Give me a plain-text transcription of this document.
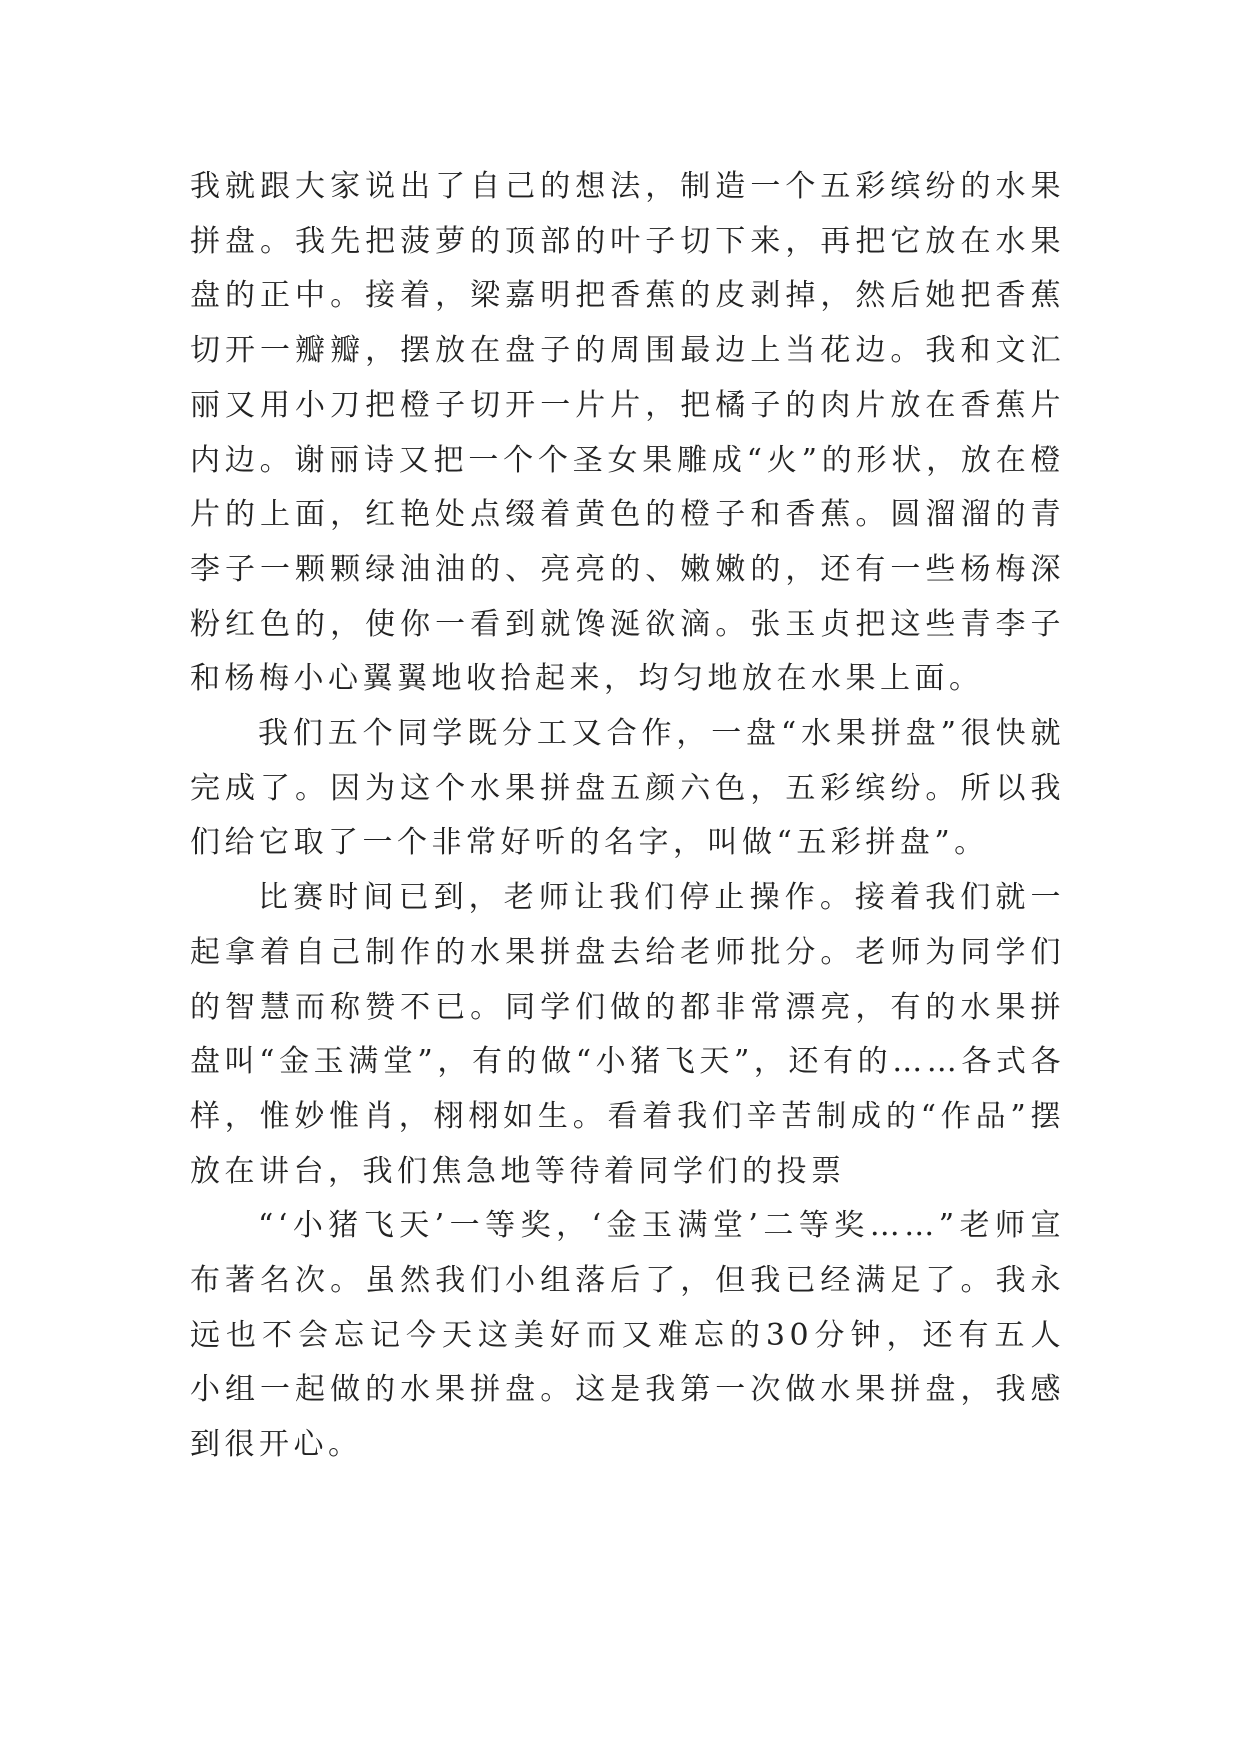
我就跟大家说出了自己的想法，制造一个五彩缤纷的水果拼盘。我先把菠萝的顶部的叶子切下来，再把它放在水果盘的正中。接着，梁嘉明把香蕉的皮剥掉，然后她把香蕉切开一瓣瓣，摆放在盘子的周围最边上当花边。我和文汇丽又用小刀把橙子切开一片片，把橘子的肉片放在香蕉片内边。谢丽诗又把一个个圣女果雕成“火”的形状，放在橙片的上面，红艳处点缀着黄色的橙子和香蕉。圆溜溜的青李子一颗颗绿油油的、亮亮的、嫩嫩的，还有一些杨梅深粉红色的，使你一看到就馋涎欲滴。张玉贞把这些青李子和杨梅小心翼翼地收拾起来，均匀地放在水果上面。

我们五个同学既分工又合作，一盘“水果拼盘”很快就完成了。因为这个水果拼盘五颜六色，五彩缤纷。所以我们给它取了一个非常好听的名字，叫做“五彩拼盘”。

比赛时间已到，老师让我们停止操作。接着我们就一起拿着自己制作的水果拼盘去给老师批分。老师为同学们的智慧而称赞不已。同学们做的都非常漂亮，有的水果拼盘叫“金玉满堂”，有的做“小猪飞天”，还有的……各式各样，惟妙惟肖，栩栩如生。看着我们辛苦制成的“作品”摆放在讲台，我们焦急地等待着同学们的投票

“‘小猪飞天’一等奖，‘金玉满堂’二等奖……”老师宣布著名次。虽然我们小组落后了，但我已经满足了。我永远也不会忘记今天这美好而又难忘的30分钟，还有五人小组一起做的水果拼盘。这是我第一次做水果拼盘，我感到很开心。
